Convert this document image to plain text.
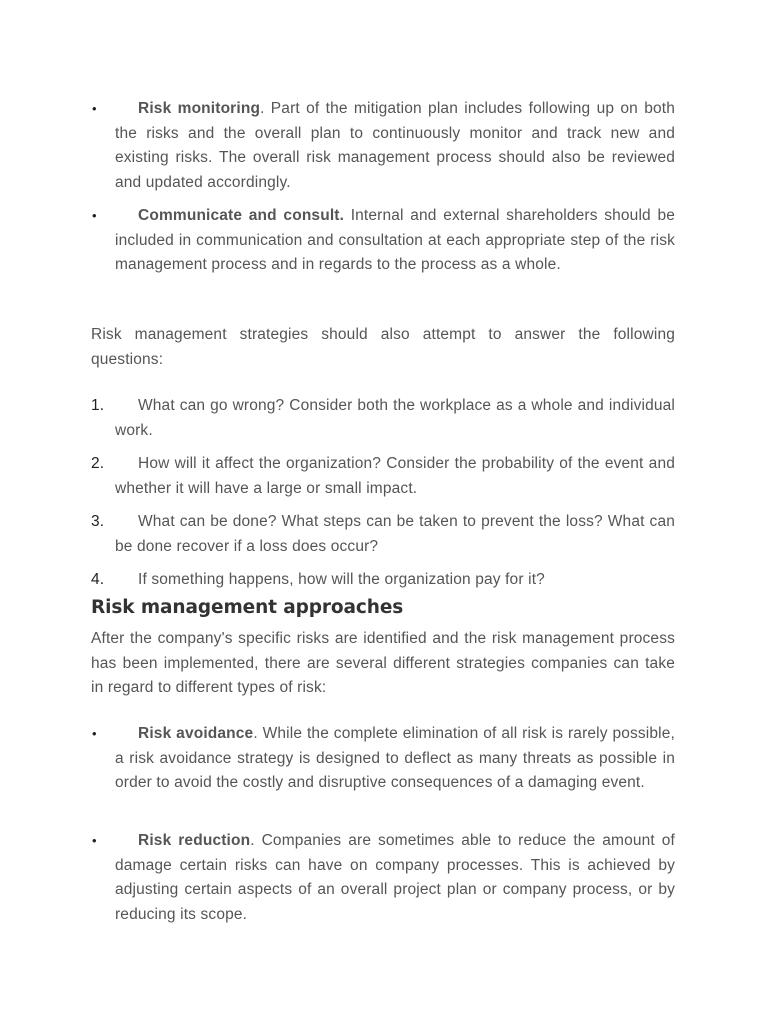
•	Risk monitoring. Part of the mitigation plan includes following up on both the risks and the overall plan to continuously monitor and track new and existing risks. The overall risk management process should also be reviewed and updated accordingly.
•	Communicate and consult. Internal and external shareholders should be included in communication and consultation at each appropriate step of the risk management process and in regards to the process as a whole.
Risk management strategies should also attempt to answer the following questions:
1.	What can go wrong? Consider both the workplace as a whole and individual work.
2.	How will it affect the organization? Consider the probability of the event and whether it will have a large or small impact.
3.	What can be done? What steps can be taken to prevent the loss? What can be done recover if a loss does occur?
4.	If something happens, how will the organization pay for it?
Risk management approaches
After the company's specific risks are identified and the risk management process has been implemented, there are several different strategies companies can take in regard to different types of risk:
•	Risk avoidance. While the complete elimination of all risk is rarely possible, a risk avoidance strategy is designed to deflect as many threats as possible in order to avoid the costly and disruptive consequences of a damaging event.
•	Risk reduction. Companies are sometimes able to reduce the amount of damage certain risks can have on company processes. This is achieved by adjusting certain aspects of an overall project plan or company process, or by reducing its scope.
